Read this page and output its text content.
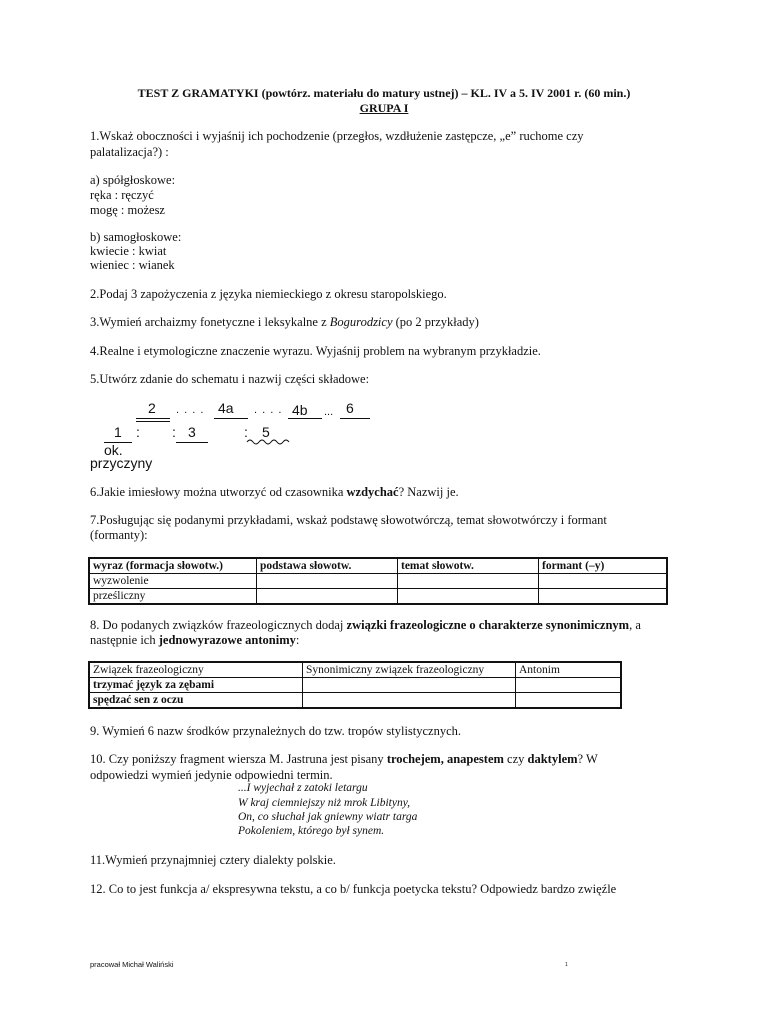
TEST Z GRAMATYKI (powtórz. materiału do matury ustnej) – KL. IV a 5. IV 2001 r. (60 min.)
GRUPA I
1.Wskaż oboczności i wyjaśnij ich pochodzenie (przegłos, wzdłużenie zastępcze, „e” ruchome czy
palatalizacja?) :
a) spółgłoskowe:
ręka : ręczyć
mogę : możesz
b) samogłoskowe:
kwiecie : kwiat
wieniec : wianek
2.Podaj 3 zapożyczenia z języka niemieckiego z okresu staropolskiego.
3.Wymień archaizmy fonetyczne i leksykalne z Bogurodzicy (po 2 przykłady)
4.Realne i etymologiczne znaczenie wyrazu. Wyjaśnij problem na wybranym przykładzie.
5.Utwórz zdanie do schematu i nazwij części składowe:
2 . . . . 4a . . . . 4b ... 6
1 : : 3	: 5
ok.
przyczyny
6.Jakie imiesłowy można utworzyć od czasownika wzdychać? Nazwij je.
7.Posługując się podanymi przykładami, wskaż podstawę słowotwórczą, temat słowotwórczy i formant
(formanty):
wyraz (formacja słowotw.)	podstawa słowotw.	temat słowotw.	formant (–y)
wyzwolenie			
prześliczny			
8. Do podanych związków frazeologicznych dodaj związki frazeologiczne o charakterze synonimicznym, a
następnie ich jednowyrazowe antonimy:
Związek frazeologiczny	Synonimiczny związek frazeologiczny	Antonim
trzymać język za zębami		
spędzać sen z oczu		
9. Wymień 6 nazw środków przynależnych do tzw. tropów stylistycznych.
10. Czy poniższy fragment wiersza M. Jastruna jest pisany trochejem, anapestem czy daktylem? W
odpowiedzi wymień jedynie odpowiedni termin.
...I wyjechał z zatoki letargu
W kraj ciemniejszy niż mrok Libityny,
On, co słuchał jak gniewny wiatr targa
Pokoleniem, którego był synem.
11.Wymień przynajmniej cztery dialekty polskie.
12. Co to jest funkcja a/ ekspresywna tekstu, a co b/ funkcja poetycka tekstu? Odpowiedz bardzo zwięźle
pracował Michał Waliński	1
